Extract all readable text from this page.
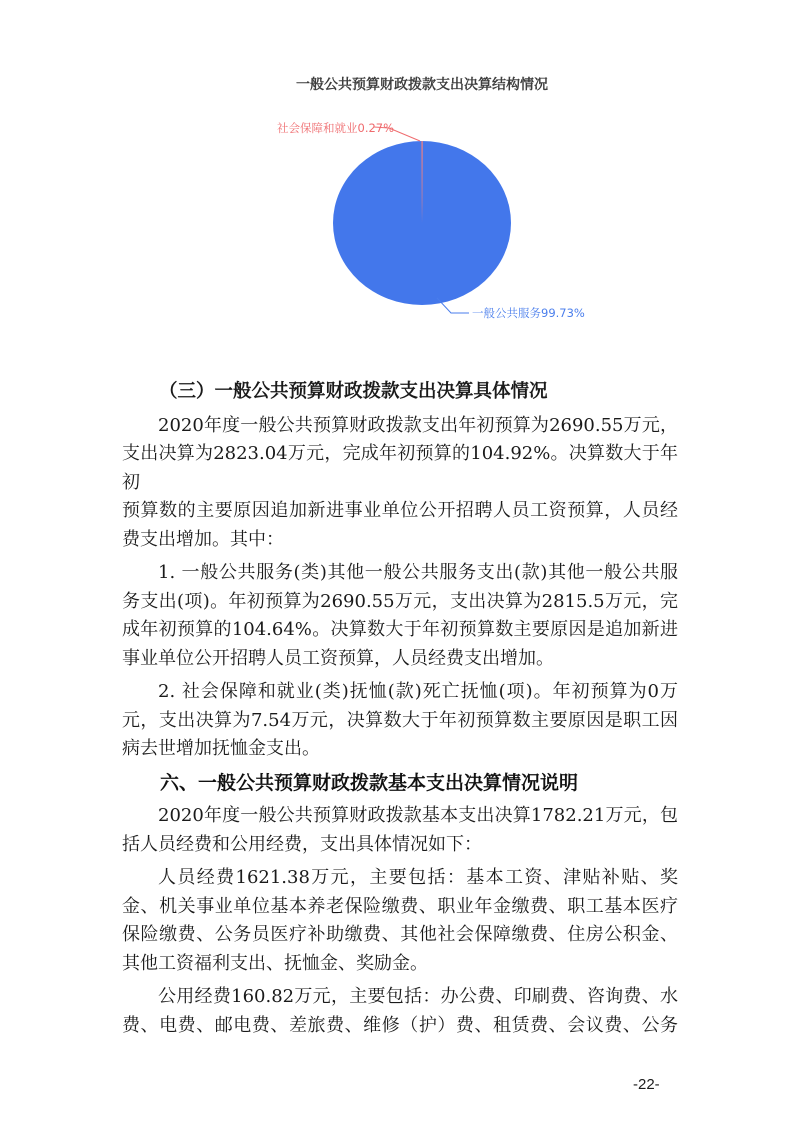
一般公共预算财政拨款支出决算结构情况
社会保障和就业0.27%
一般公共服务99.73%
（三）一般公共预算财政拨款支出决算具体情况
2020年度一般公共预算财政拨款支出年初预算为2690.55万元，
支出决算为2823.04万元，完成年初预算的104.92%。决算数大于年初
预算数的主要原因追加新进事业单位公开招聘人员工资预算，人员经
费支出增加。其中：
1. 一般公共服务(类)其他一般公共服务支出(款)其他一般公共服
务支出(项)。年初预算为2690.55万元，支出决算为2815.5万元，完
成年初预算的104.64%。决算数大于年初预算数主要原因是追加新进
事业单位公开招聘人员工资预算，人员经费支出增加。
2. 社会保障和就业(类)抚恤(款)死亡抚恤(项)。年初预算为0万
元，支出决算为7.54万元，决算数大于年初预算数主要原因是职工因
病去世增加抚恤金支出。
六、一般公共预算财政拨款基本支出决算情况说明
2020年度一般公共预算财政拨款基本支出决算1782.21万元，包
括人员经费和公用经费，支出具体情况如下：
人员经费1621.38万元，主要包括：基本工资、津贴补贴、奖
金、机关事业单位基本养老保险缴费、职业年金缴费、职工基本医疗
保险缴费、公务员医疗补助缴费、其他社会保障缴费、住房公积金、
其他工资福利支出、抚恤金、奖励金。
公用经费160.82万元，主要包括：办公费、印刷费、咨询费、水
费、电费、邮电费、差旅费、维修（护）费、租赁费、会议费、公务
-22-
